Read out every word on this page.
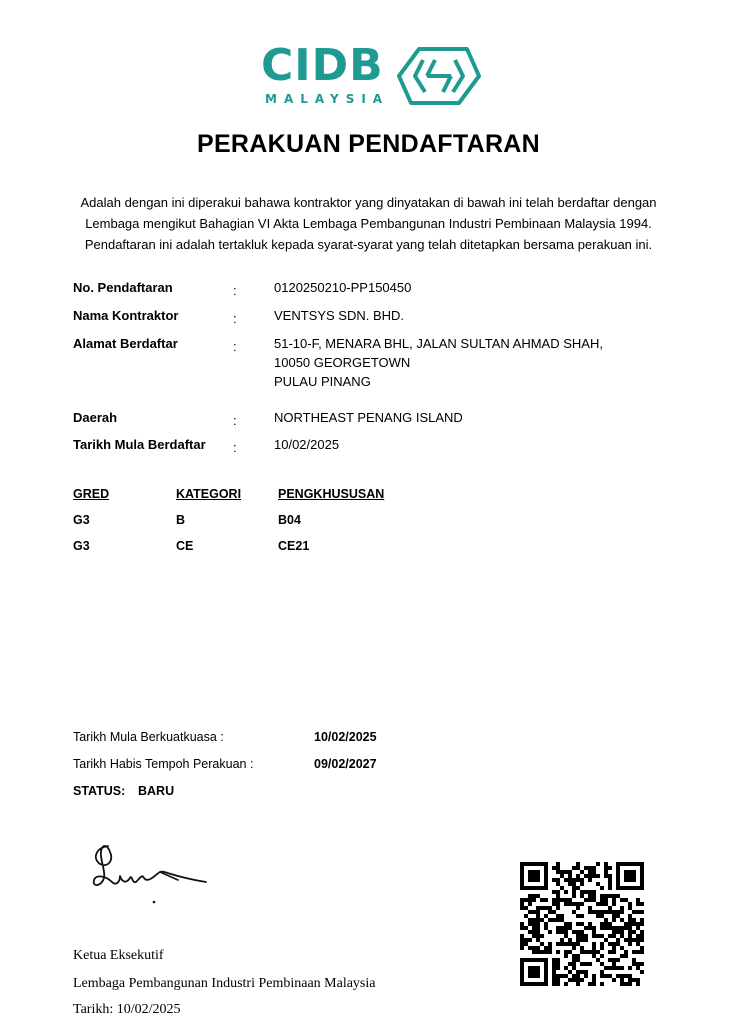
CIDB
MALAYSIA
PERAKUAN PENDAFTARAN
Adalah dengan ini diperakui bahawa kontraktor yang dinyatakan di bawah ini telah berdaftar dengan
Lembaga mengikut Bahagian VI Akta Lembaga Pembangunan Industri Pembinaan Malaysia 1994.
Pendaftaran ini adalah tertakluk kepada syarat-syarat yang telah ditetapkan bersama perakuan ini.
No. Pendaftaran	:	0120250210-PP150450
Nama Kontraktor	:	VENTSYS SDN. BHD.
Alamat Berdaftar	:	51-10-F, MENARA BHL, JALAN SULTAN AHMAD SHAH,
10050 GEORGETOWN
PULAU PINANG
Daerah	:	NORTHEAST PENANG ISLAND
Tarikh Mula Berdaftar :	10/02/2025
GRED	KATEGORI	PENGKHUSUSAN
G3	B	B04
G3	CE	CE21
Tarikh Mula Berkuatkuasa :	10/02/2025
Tarikh Habis Tempoh Perakuan :	09/02/2027
STATUS: BARU
Ketua Eksekutif
Lembaga Pembangunan Industri Pembinaan Malaysia
Tarikh: 10/02/2025
